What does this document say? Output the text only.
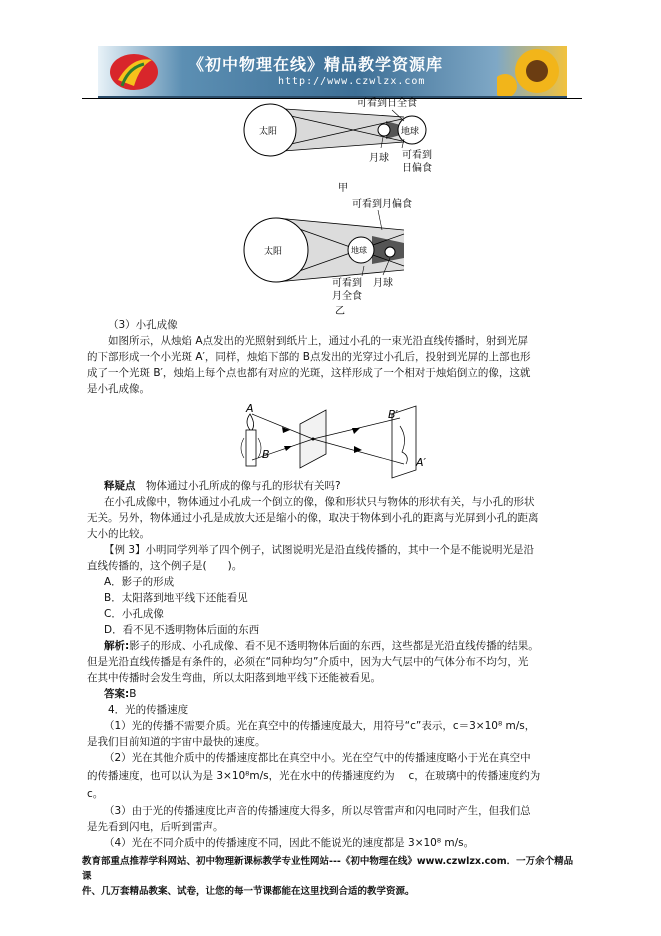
《初中物理在线》精品教学资源库
http://www.czwlzx.com
太阳	地球
可看到日全食
月球 可看到
日偏食
甲
太阳	地球
可看到月偏食
可看到
月全食
月球
乙
（3）小孔成像
如图所示，从烛焰 A点发出的光照射到纸片上，通过小孔的一束光沿直线传播时，射到光屏
的下部形成一个小光斑 A′，同样，烛焰下部的 B点发出的光穿过小孔后，投射到光屏的上部也形
成了一个光斑 B′，烛焰上每个点也都有对应的光斑，这样形成了一个相对于烛焰倒立的像，这就
是小孔成像。
A
B
B′
A′
释疑点　 物体通过小孔所成的像与孔的形状有关吗?
在小孔成像中，物体通过小孔成一个倒立的像，像和形状只与物体的形状有关，与小孔的形状
无关。另外，物体通过小孔是成放大还是缩小的像，取决于物体到小孔的距离与光屏到小孔的距离
大小的比较。
【例 3】小明同学列举了四个例子，试图说明光是沿直线传播的，其中一个是不能说明光是沿
直线传播的，这个例子是(　　)。
A．影子的形成
B．太阳落到地平线下还能看见
C．小孔成像
D．看不见不透明物体后面的东西
解析:影子的形成、小孔成像、看不见不透明物体后面的东西，这些都是光沿直线传播的结果。
但是光沿直线传播是有条件的，必须在“同种均匀”介质中，因为大气层中的气体分布不均匀，光
在其中传播时会发生弯曲，所以太阳落到地平线下还能被看见。
答案:B
4．光的传播速度
（1）光的传播不需要介质。光在真空中的传播速度最大，用符号“c”表示，c＝3×10⁸ m/s，
是我们目前知道的宇宙中最快的速度。
（2）光在其他介质中的传播速度都比在真空中小。光在空气中的传播速度略小于光在真空中
的传播速度，也可以认为是 3×10⁸m/s，光在水中的传播速度约为 　c，在玻璃中的传播速度约为
c。
（3）由于光的传播速度比声音的传播速度大得多，所以尽管雷声和闪电同时产生，但我们总
是先看到闪电，后听到雷声。
（4）光在不同介质中的传播速度不同，因此不能说光的速度都是 3×10⁸ m/s。
教育部重点推荐学科网站、初中物理新课标教学专业性网站---《初中物理在线》www.czwlzx.com．一万余个精品课
件、几万套精品教案、试卷，让您的每一节课都能在这里找到合适的教学资源。
